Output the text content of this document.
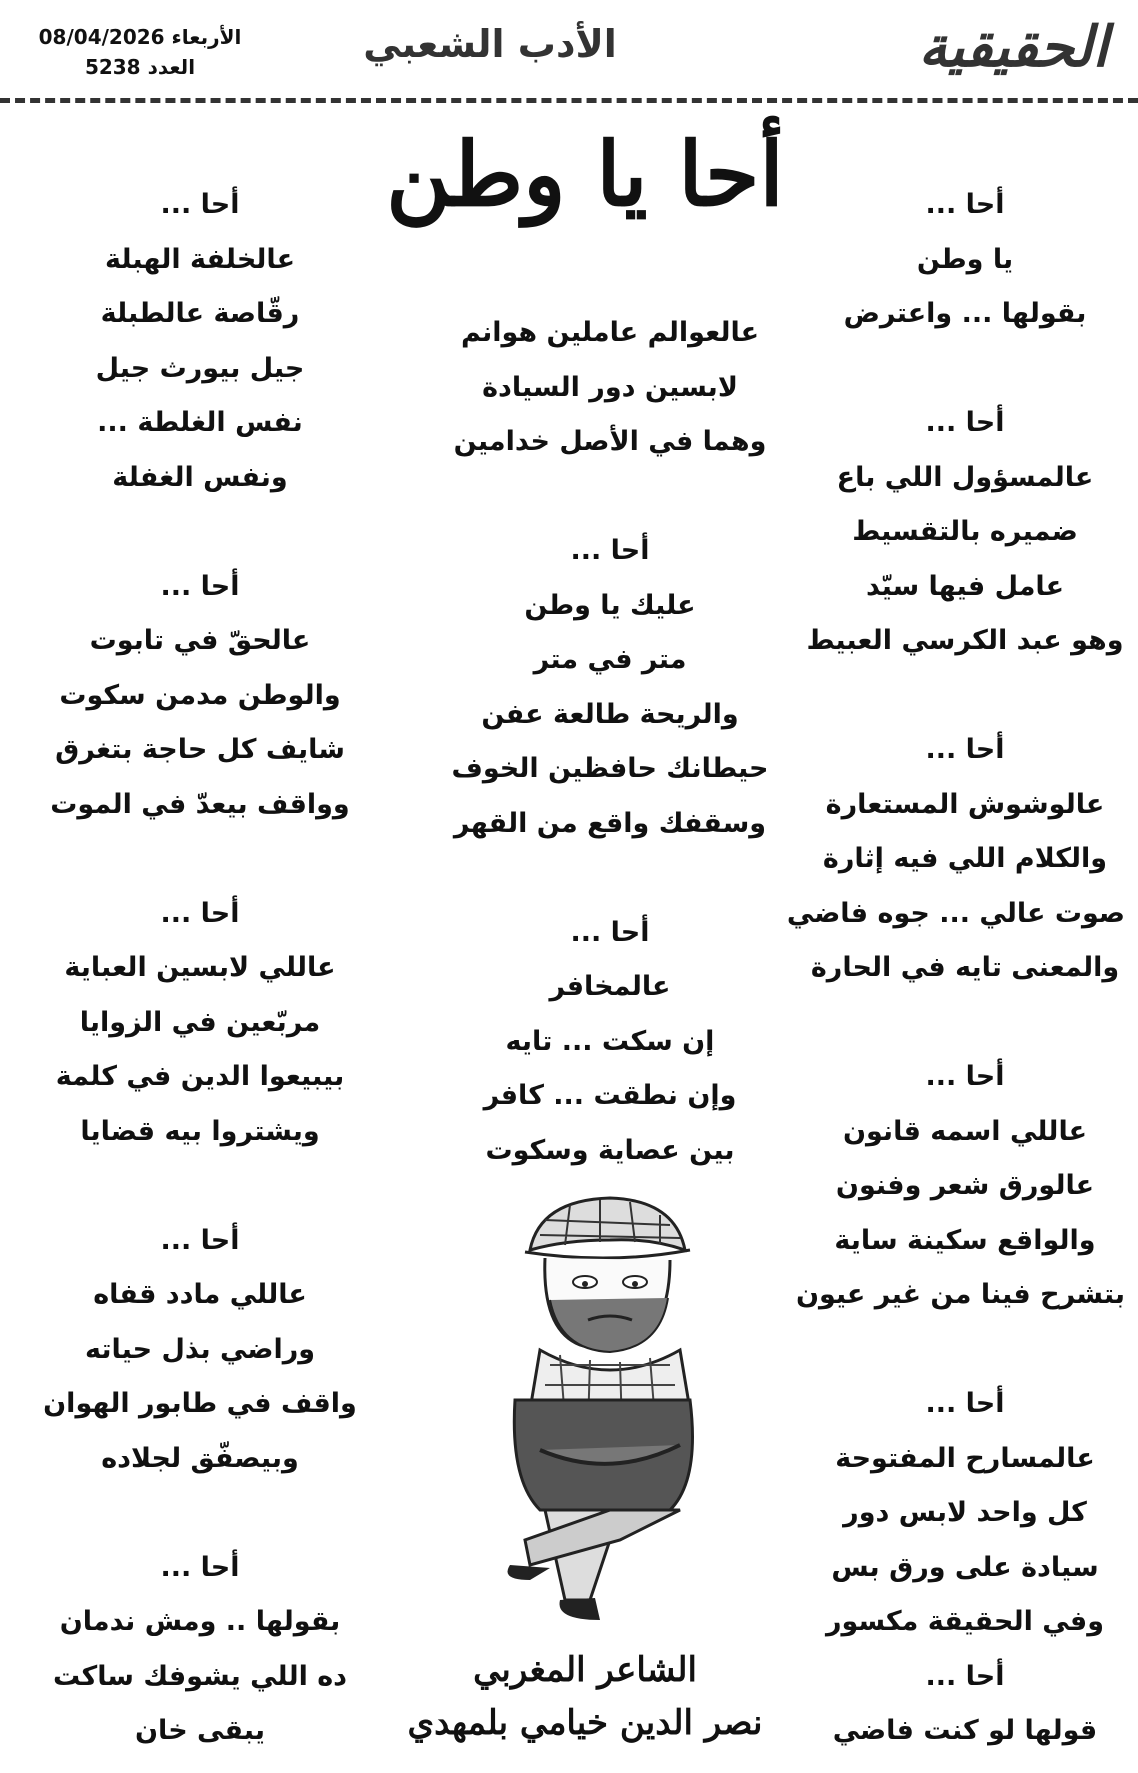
الحقيقية
الأدب الشعبي
الأربعاء 08/04/2026
العدد 5238
أحا يا وطن	أحا ...
يا وطن
بقولها ... واعترض
أحا ...
عالمسؤول اللي باع
ضميره بالتقسيط
عامل فيها سيّد
وهو عبد الكرسي العبيط
أحا ...
عالوشوش المستعارة
والكلام اللي فيه إثارة
صوت عالي ... جوه فاضي
والمعنى تايه في الحارة
أحا ...
عاللي اسمه قانون
عالورق شعر وفنون
والواقع سكينة ساية
بتشرح فينا من غير عيون
أحا ...
عالمسارح المفتوحة
كل واحد لابس دور
سيادة على ورق بس
وفي الحقيقة مكسور
أحا ...
قولها لو كنت فاضي
عالعوالم عاملين هوانم
لابسين دور السيادة
وهما في الأصل خدامين
أحا ...
عليك يا وطن
متر في متر
والريحة طالعة عفن
حيطانك حافظين الخوف
وسقفك واقع من القهر
أحا ...
عالمخافر
إن سكت ... تايه
وإن نطقت ... كافر
بين عصاية وسكوت
أحا ...
عالخلفة الهبلة
رقّاصة عالطبلة
جيل بيورث جيل
نفس الغلطة ...
ونفس الغفلة
أحا ...
عالحقّ في تابوت
والوطن مدمن سكوت
شايف كل حاجة بتغرق
وواقف بيعدّ في الموت
أحا ...
عاللي لابسين العباية
مربّعين في الزوايا
بيبيعوا الدين في كلمة
ويشتروا بيه قضايا
أحا ...
عاللي مادد قفاه
وراضي بذل حياته
واقف في طابور الهوان
وبيصفّق لجلاده
أحا ...
بقولها .. ومش ندمان
ده اللي يشوفك ساكت
يبقى خان
الشاعر المغربي
نصر الدين خيامي بلمهدي
